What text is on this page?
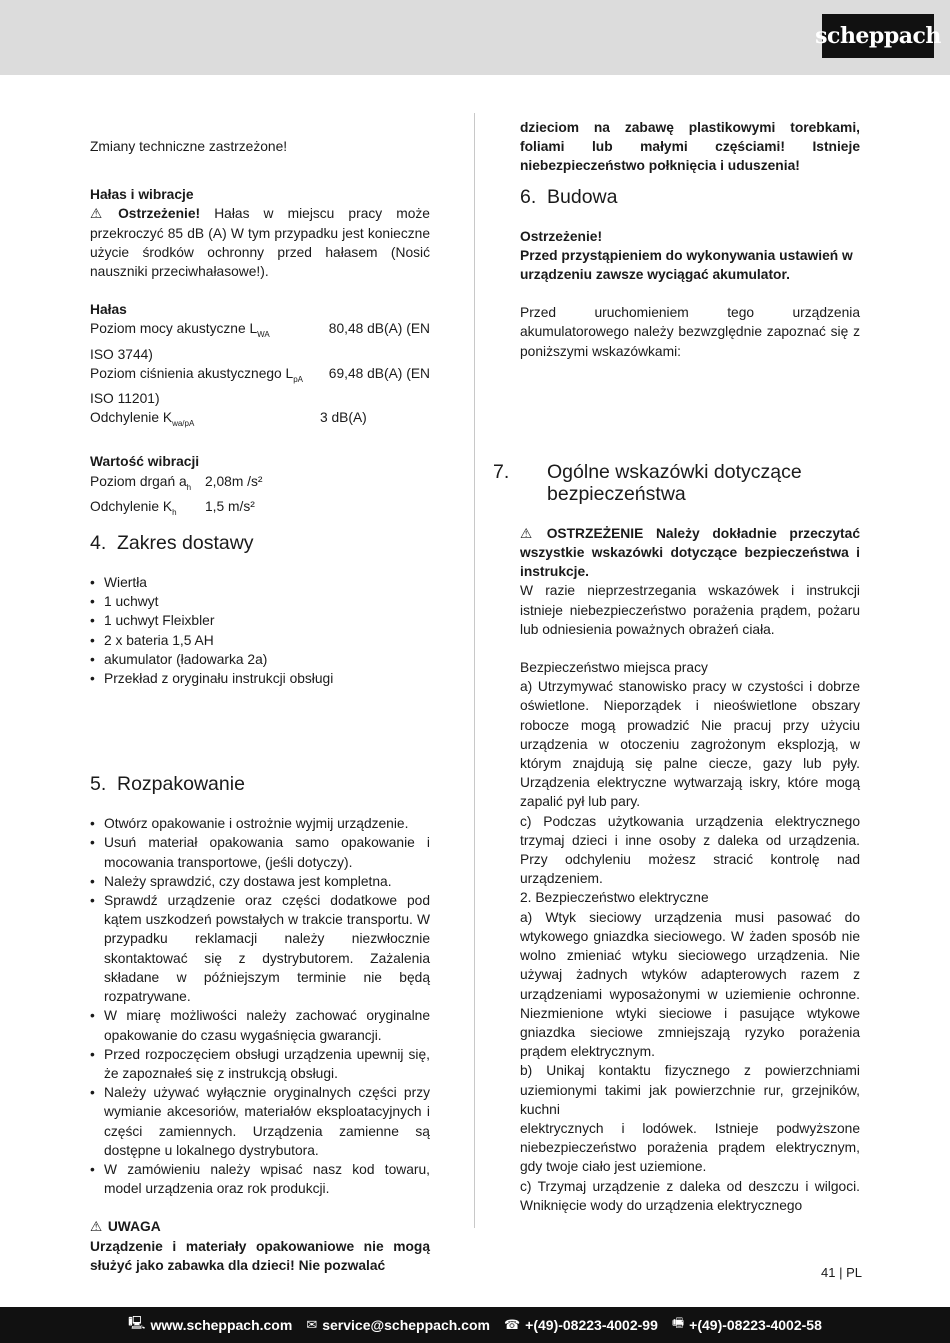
scheppach

Zmiany techniczne zastrzeżone!

Hałas i wibracje

⚠ Ostrzeżenie! Hałas w miejscu pracy może przekroczyć 85 dB (A) W tym przypadku jest konieczne użycie środków ochronny przed hałasem (Nosić nauszniki przeciwhałasowe!).

Hałas

Poziom mocy akustyczne $L_{WA}$	80,48 dB(A) (EN

ISO 3744)

Poziom ciśnienia akustycznego $L_{pA}$	69,48 dB(A) (EN

ISO 11201)

Odchylenie $K_{wa/pA}$	3 dB(A)

Wartość wibracji

Poziom drgań $a_h$	2,08m /s²
Odchylenie $K_h$	1,5 m/s²
4. Zakres dostawy
• Wiertła
• 1 uchwyt
• 1 uchwyt Fleixbler
• 2 x bateria 1,5 AH
• akumulator (ładowarka 2a)
• Przekład z oryginału instrukcji obsługi
5. Rozpakowanie
• Otwórz opakowanie i ostrożnie wyjmij urządzenie.
• Usuń materiał opakowania samo opakowanie i mocowania transportowe, (jeśli dotyczy).
• Należy sprawdzić, czy dostawa jest kompletna.
• Sprawdź urządzenie oraz części dodatkowe pod kątem uszkodzeń powstałych w trakcie transportu. W przypadku reklamacji należy niezwłocznie skontaktować się z dystrybutorem. Zażalenia składane w późniejszym terminie nie będą rozpatrywane.
• W miarę możliwości należy zachować oryginalne opakowanie do czasu wygaśnięcia gwarancji.
• Przed rozpoczęciem obsługi urządzenia upewnij się, że zapoznałeś się z instrukcją obsługi.
• Należy używać wyłącznie oryginalnych części przy wymianie akcesoriów, materiałów eksploatacyjnych i części zamiennych. Urządzenia zamienne są dostępne u lokalnego dystrybutora.
• W zamówieniu należy wpisać nasz kod towaru, model urządzenia oraz rok produkcji.

⚠ UWAGA

Urządzenie i materiały opakowaniowe nie mogą służyć jako zabawka dla dzieci! Nie pozwalać

dzieciom na zabawę plastikowymi torebkami, foliami lub małymi częściami! Istnieje niebezpieczeństwo połknięcia i uduszenia!

6. Budowa

Ostrzeżenie!

Przed przystąpieniem do wykonywania ustawień w urządzeniu zawsze wyciągać akumulator.

Przed uruchomieniem tego urządzenia akumulatorowego należy bezwzględnie zapoznać się z poniższymi wskazówkami:

7. Ogólne wskazówki dotyczące bezpieczeństwa

⚠ OSTRZEŻENIE Należy dokładnie przeczytać wszystkie wskazówki dotyczące bezpieczeństwa i instrukcje.

W razie nieprzestrzegania wskazówek i instrukcji istnieje niebezpieczeństwo porażenia prądem, pożaru lub odniesienia poważnych obrażeń ciała.

Bezpieczeństwo miejsca pracy

a) Utrzymywać stanowisko pracy w czystości i dobrze oświetlone. Nieporządek i nieoświetlone obszary robocze mogą prowadzić Nie pracuj przy użyciu urządzenia w otoczeniu zagrożonym eksplozją, w którym znajdują się palne ciecze, gazy lub pyły. Urządzenia elektryczne wytwarzają iskry, które mogą zapalić pył lub pary.

c) Podczas użytkowania urządzenia elektrycznego trzymaj dzieci i inne osoby z daleka od urządzenia. Przy odchyleniu możesz stracić kontrolę nad urządzeniem.

2. Bezpieczeństwo elektryczne

a) Wtyk sieciowy urządzenia musi pasować do wtykowego gniazdka sieciowego. W żaden sposób nie wolno zmieniać wtyku sieciowego urządzenia. Nie używaj żadnych wtyków adapterowych razem z urządzeniami wyposażonymi w uziemienie ochronne. Niezmienione wtyki sieciowe i pasujące wtykowe gniazdka sieciowe zmniejszają ryzyko porażenia prądem elektrycznym.

b) Unikaj kontaktu fizycznego z powierzchniami uziemionymi takimi jak powierzchnie rur, grzejników, kuchni

elektrycznych i lodówek. Istnieje podwyższone niebezpieczeństwo porażenia prądem elektrycznym, gdy twoje ciało jest uziemione.

c) Trzymaj urządzenie z daleka od deszczu i wilgoci. Wniknięcie wody do urządzenia elektrycznego

41 | PL
🖳 www.scheppach.com ✉ service@scheppach.com ☎ +(49)-08223-4002-99 🖷 +(49)-08223-4002-58
